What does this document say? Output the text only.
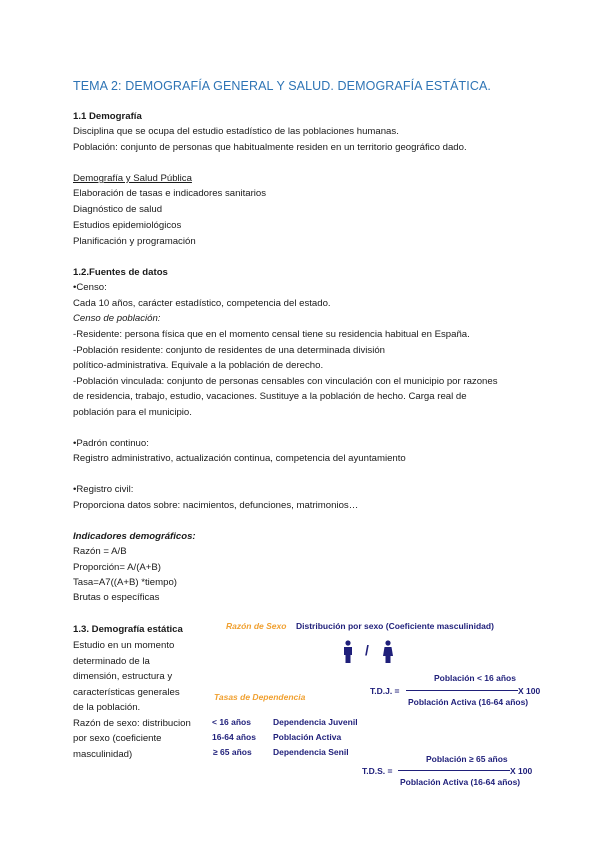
TEMA 2: DEMOGRAFÍA GENERAL Y SALUD. DEMOGRAFÍA ESTÁTICA.
1.1 Demografía
Disciplina que se ocupa del estudio estadístico de las poblaciones humanas.
Población: conjunto de personas que habitualmente residen en un territorio geográfico dado.
Demografía y Salud Pública
Elaboración de tasas e indicadores sanitarios
Diagnóstico de salud
Estudios epidemiológicos
Planificación y programación
1.2.Fuentes de datos
•Censo:
Cada 10 años, carácter estadístico, competencia del estado.
Censo de población:
-Residente: persona física que en el momento censal tiene su residencia habitual en España.
-Población residente: conjunto de residentes de una determinada división
político-administrativa. Equivale a la población de derecho.
-Población vinculada: conjunto de personas censables con vinculación con el municipio por razones
de residencia, trabajo, estudio, vacaciones. Sustituye a la población de hecho. Carga real de
población para el municipio.
•Padrón continuo:
Registro administrativo, actualización continua, competencia del ayuntamiento
•Registro civil:
Proporciona datos sobre: nacimientos, defunciones, matrimonios…
Indicadores demográficos:
Razón = A/B
Proporción= A/(A+B)
Tasa=A7((A+B) *tiempo)
Brutas o específicas
1.3. Demografía estática
Estudio en un momento
determinado de la
dimensión, estructura y
características generales
de la población.
Razón de sexo: distribucion
por sexo (coeficiente
masculinidad)
Razón de Sexo Distribución por sexo (Coeficiente masculinidad)
/
Población < 16 años
T.D.J. =	X 100
Población Activa (16-64 años)
Tasas de Dependencia
< 16 años	Dependencia Juvenil
16-64 años Población Activa
≥ 65 años	Dependencia Senil
Población ≥ 65 años
T.D.S. =	X 100
Población Activa (16-64 años)
